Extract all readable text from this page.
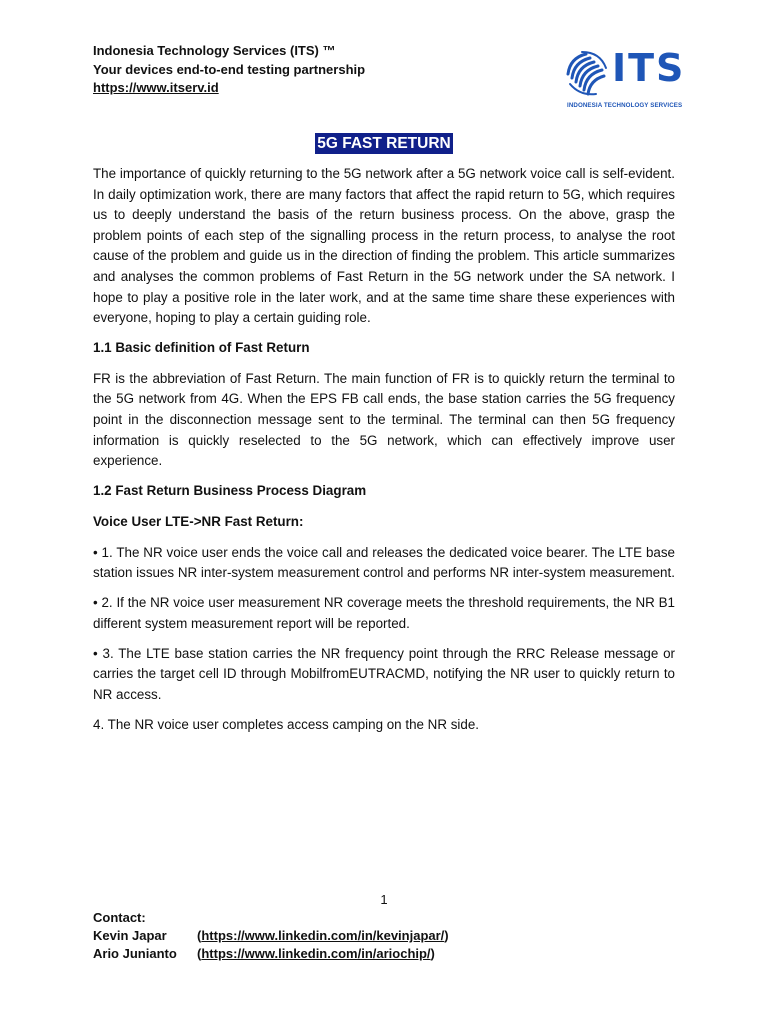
Indonesia Technology Services (ITS) ™
Your devices end-to-end testing partnership
https://www.itserv.id	ITS
INDONESIA TECHNOLOGY SERVICES
5G FAST RETURN

The importance of quickly returning to the 5G network after a 5G network voice call is self-evident. In daily optimization work, there are many factors that affect the rapid return to 5G, which requires us to deeply understand the basis of the return business process. On the above, grasp the problem points of each step of the signalling process in the return process, to analyse the root cause of the problem and guide us in the direction of finding the problem. This article summarizes and analyses the common problems of Fast Return in the 5G network under the SA network. I hope to play a positive role in the later work, and at the same time share these experiences with everyone, hoping to play a certain guiding role.

1.1 Basic definition of Fast Return

FR is the abbreviation of Fast Return. The main function of FR is to quickly return the terminal to the 5G network from 4G. When the EPS FB call ends, the base station carries the 5G frequency point in the disconnection message sent to the terminal. The terminal can then 5G frequency information is quickly reselected to the 5G network, which can effectively improve user experience.

1.2 Fast Return Business Process Diagram

Voice User LTE->NR Fast Return:

• 1. The NR voice user ends the voice call and releases the dedicated voice bearer. The LTE base station issues NR inter-system measurement control and performs NR inter-system measurement.

• 2. If the NR voice user measurement NR coverage meets the threshold requirements, the NR B1 different system measurement report will be reported.

• 3. The LTE base station carries the NR frequency point through the RRC Release message or carries the target cell ID through MobilfromEUTRACMD, notifying the NR user to quickly return to NR access.

4. The NR voice user completes access camping on the NR side.

1
Contact:
Kevin Japar (https://www.linkedin.com/in/kevinjapar/)
Ario Junianto (https://www.linkedin.com/in/ariochip/)
